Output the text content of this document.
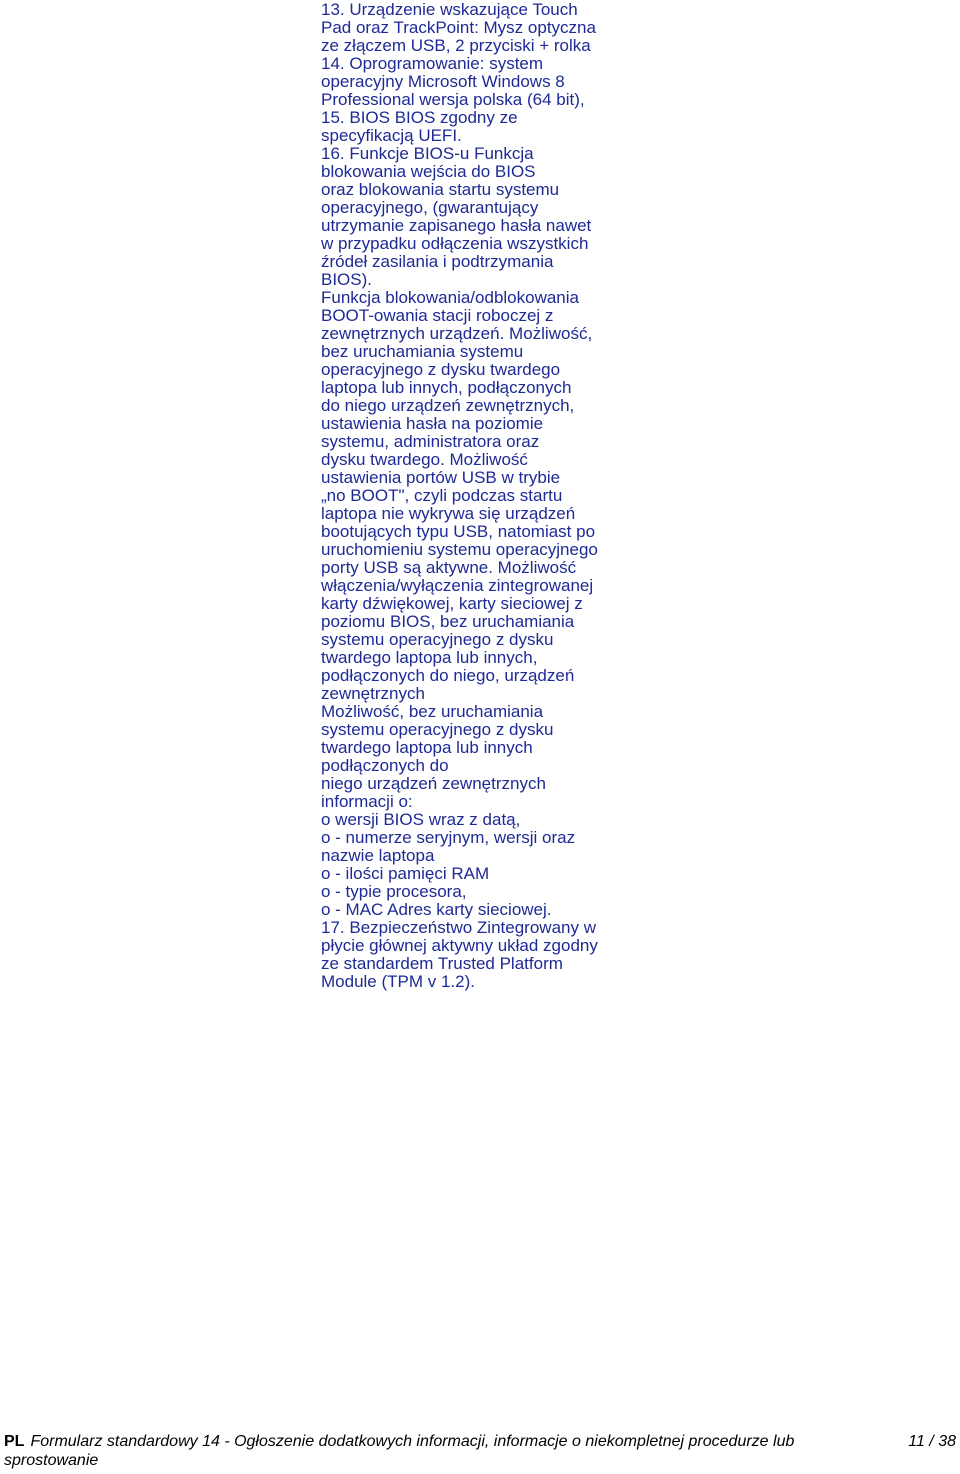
13. Urządzenie wskazujące Touch
Pad oraz TrackPoint: Mysz optyczna
ze złączem USB, 2 przyciski + rolka
14. Oprogramowanie: system
operacyjny Microsoft Windows 8
Professional wersja polska (64 bit),
15. BIOS BIOS zgodny ze
specyfikacją UEFI.
16. Funkcje BIOS-u Funkcja
blokowania wejścia do BIOS
oraz blokowania startu systemu
operacyjnego, (gwarantujący
utrzymanie zapisanego hasła nawet
w przypadku odłączenia wszystkich
źródeł zasilania i podtrzymania
BIOS).
Funkcja blokowania/odblokowania
BOOT-owania stacji roboczej z
zewnętrznych urządzeń. Możliwość,
bez uruchamiania systemu
operacyjnego z dysku twardego
laptopa lub innych, podłączonych
do niego urządzeń zewnętrznych,
ustawienia hasła na poziomie
systemu, administratora oraz
dysku twardego. Możliwość
ustawienia portów USB w trybie
„no BOOT", czyli podczas startu
laptopa nie wykrywa się urządzeń
bootujących typu USB, natomiast po
uruchomieniu systemu operacyjnego
porty USB są aktywne. Możliwość
włączenia/wyłączenia zintegrowanej
karty dźwiękowej, karty sieciowej z
poziomu BIOS, bez uruchamiania
systemu operacyjnego z dysku
twardego laptopa lub innych,
podłączonych do niego, urządzeń
zewnętrznych
Możliwość, bez uruchamiania
systemu operacyjnego z dysku
twardego laptopa lub innych
podłączonych do
niego urządzeń zewnętrznych
informacji o:
o wersji BIOS wraz z datą,
o - numerze seryjnym, wersji oraz
nazwie laptopa
o - ilości pamięci RAM
o - typie procesora,
o - MAC Adres karty sieciowej.
17. Bezpieczeństwo Zintegrowany w
płycie głównej aktywny układ zgodny
ze standardem Trusted Platform
Module (TPM v 1.2).
PL Formularz standardowy 14 - Ogłoszenie dodatkowych informacji, informacje o niekompletnej procedurze lub
sprostowanie
11 / 38
